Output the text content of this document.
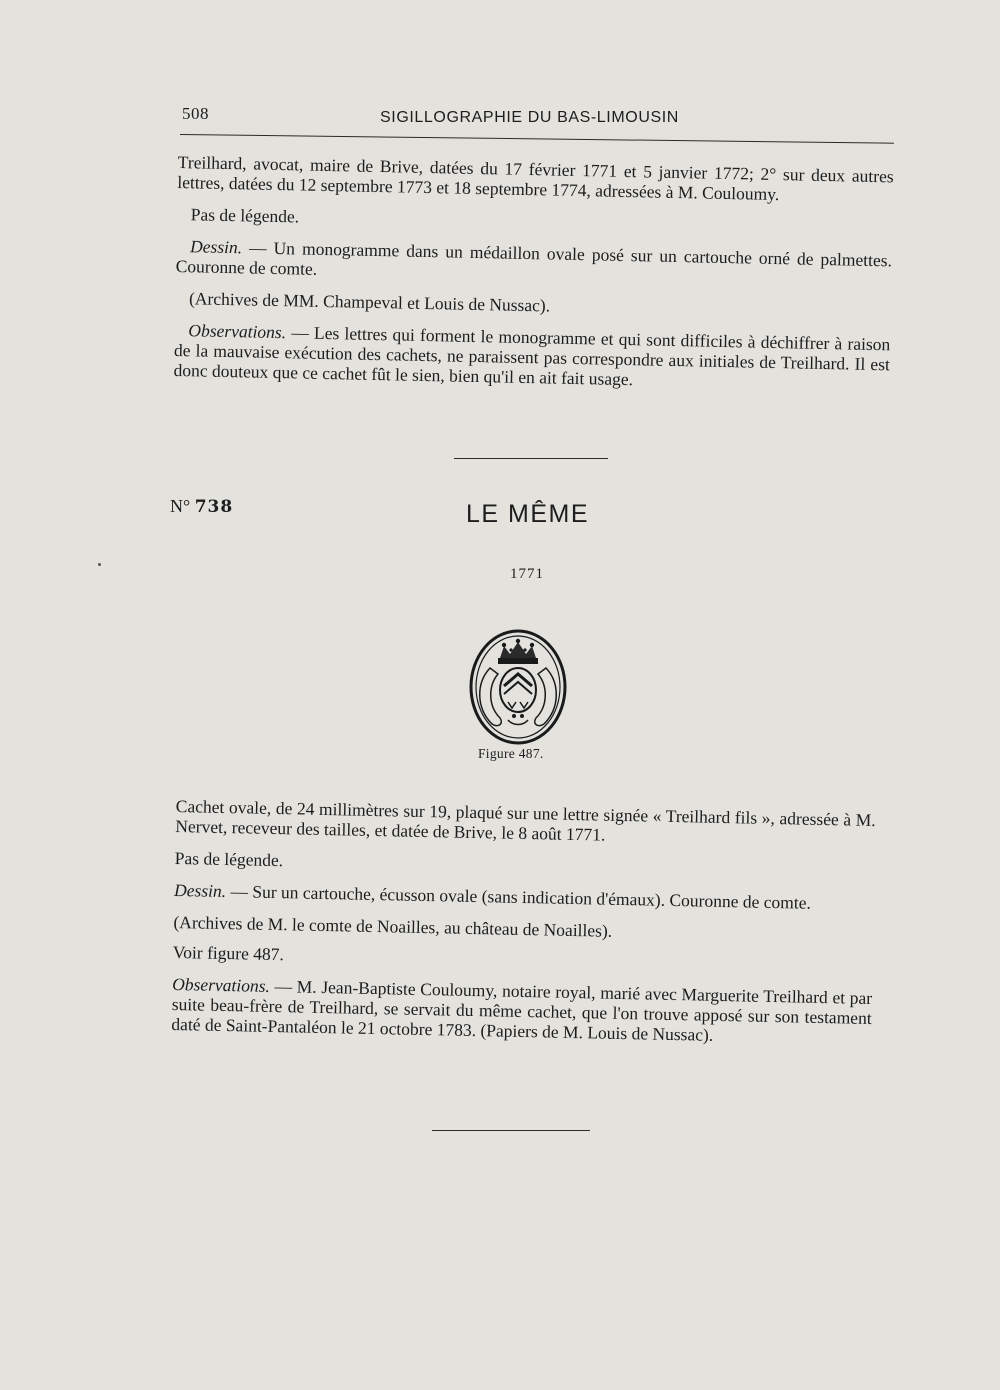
508	SIGILLOGRAPHIE DU BAS-LIMOUSIN

Treilhard, avocat, maire de Brive, datées du 17 février 1771 et 5 janvier 1772; 2° sur deux autres lettres, datées du 12 septembre 1773 et 18 septembre 1774, adressées à M. Couloumy.

Pas de légende.

Dessin. — Un monogramme dans un médaillon ovale posé sur un cartouche orné de palmettes. Couronne de comte.

(Archives de MM. Champeval et Louis de Nussac).

Observations. — Les lettres qui forment le monogramme et qui sont difficiles à déchiffrer à raison de la mauvaise exécution des cachets, ne paraissent pas correspondre aux initiales de Treilhard. Il est donc douteux que ce cachet fût le sien, bien qu'il en ait fait usage.

N° 738	LE MÊME
1771
Figure 487.

Cachet ovale, de 24 millimètres sur 19, plaqué sur une lettre signée « Treilhard fils », adressée à M. Nervet, receveur des tailles, et datée de Brive, le 8 août 1771.

Pas de légende.

Dessin. — Sur un cartouche, écusson ovale (sans indication d'émaux). Couronne de comte.

(Archives de M. le comte de Noailles, au château de Noailles).

Voir figure 487.

Observations. — M. Jean-Baptiste Couloumy, notaire royal, marié avec Marguerite Treilhard et par suite beau-frère de Treilhard, se servait du même cachet, que l'on trouve apposé sur son testament daté de Saint-Pantaléon le 21 octobre 1783. (Papiers de M. Louis de Nussac).
